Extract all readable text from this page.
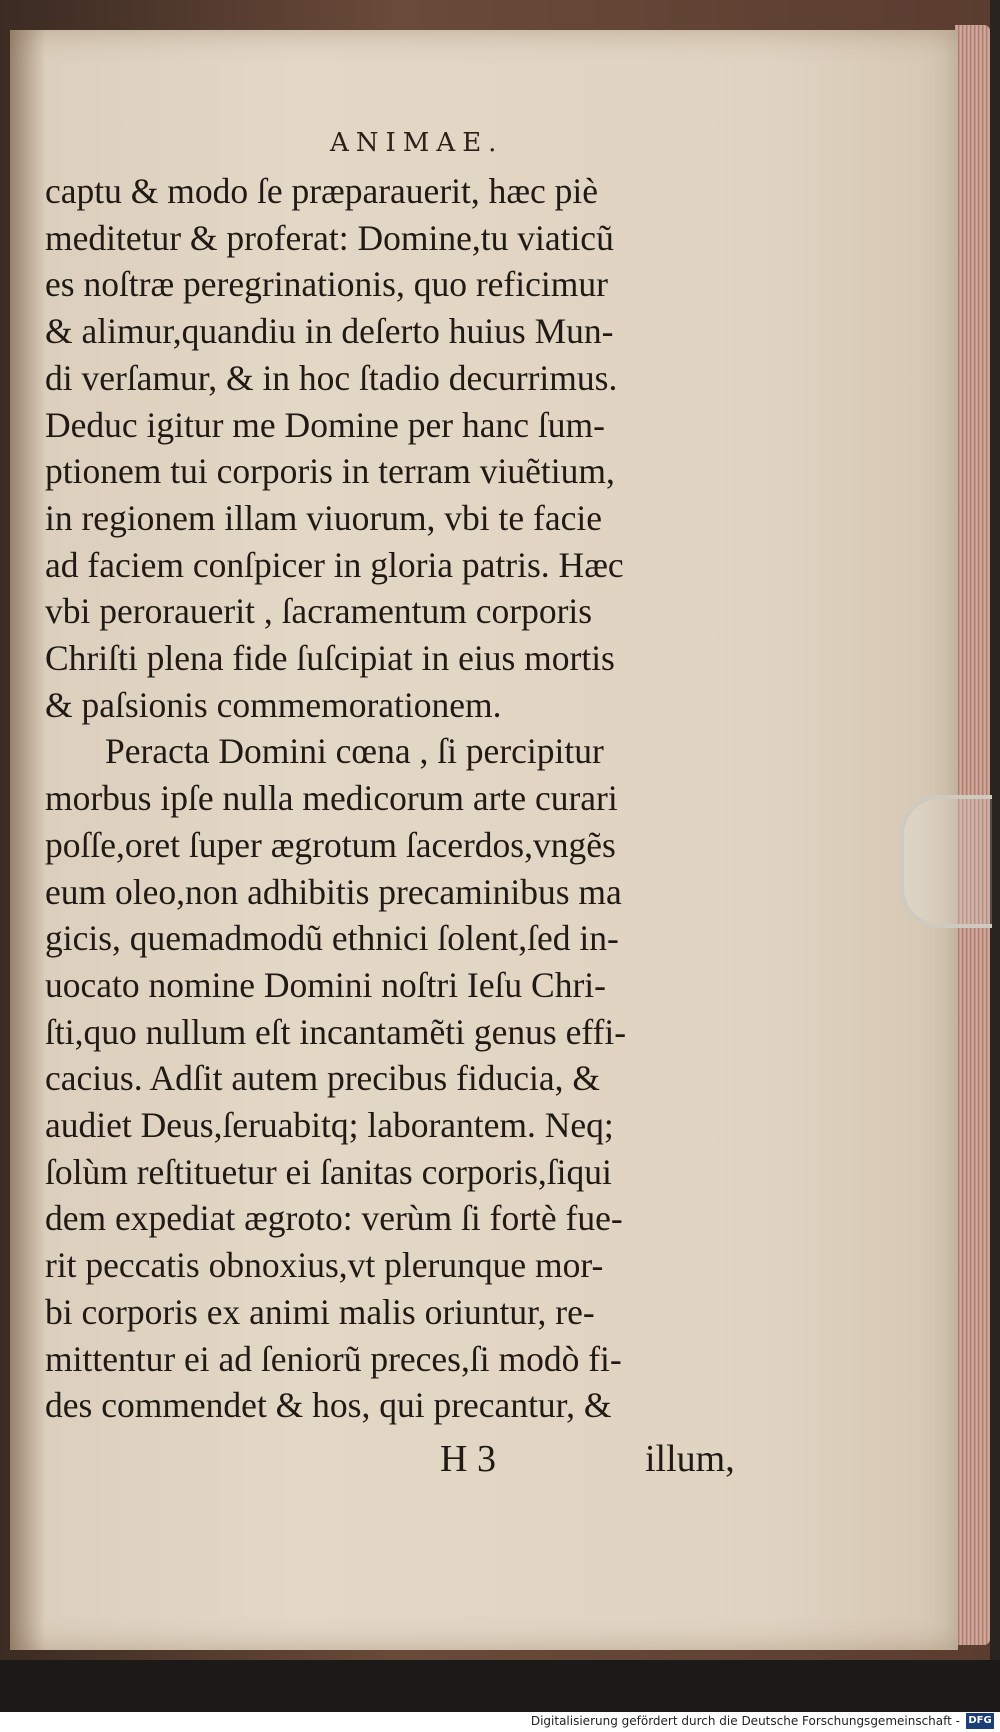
ANIMAE.
captu & modo ſe præparauerit, hæc piè
meditetur & proferat: Domine,tu viaticũ
es noſtræ peregrinationis, quo reficimur
& alimur,quandiu in deſerto huius Mun-
di verſamur, & in hoc ſtadio decurrimus.
Deduc igitur me Domine per hanc ſum-
ptionem tui corporis in terram viuẽtium,
in regionem illam viuorum, vbi te facie
ad faciem conſpicer in gloria patris. Hæc
vbi perorauerit , ſacramentum corporis
Chriſti plena fide ſuſcipiat in eius mortis
& paſsionis commemorationem.
Peracta Domini cœna , ſi percipitur
morbus ipſe nulla medicorum arte curari
poſſe,oret ſuper ægrotum ſacerdos,vngẽs
eum oleo,non adhibitis precaminibus ma
gicis, quemadmodũ ethnici ſolent,ſed in-
uocato nomine Domini noſtri Ieſu Chri-
ſti,quo nullum eſt incantamẽti genus effi-
cacius. Adſit autem precibus fiducia, &
audiet Deus,ſeruabitq; laborantem. Neq;
ſolùm reſtituetur ei ſanitas corporis,ſiqui
dem expediat ægroto: verùm ſi fortè fue-
rit peccatis obnoxius,vt plerunque mor-
bi corporis ex animi malis oriuntur, re-
mittentur ei ad ſeniorũ preces,ſi modò fi-
des commendet & hos, qui precantur, &
H 3	illum,
Digitalisierung gefördert durch die Deutsche Forschungsgemeinschaft - DFG
